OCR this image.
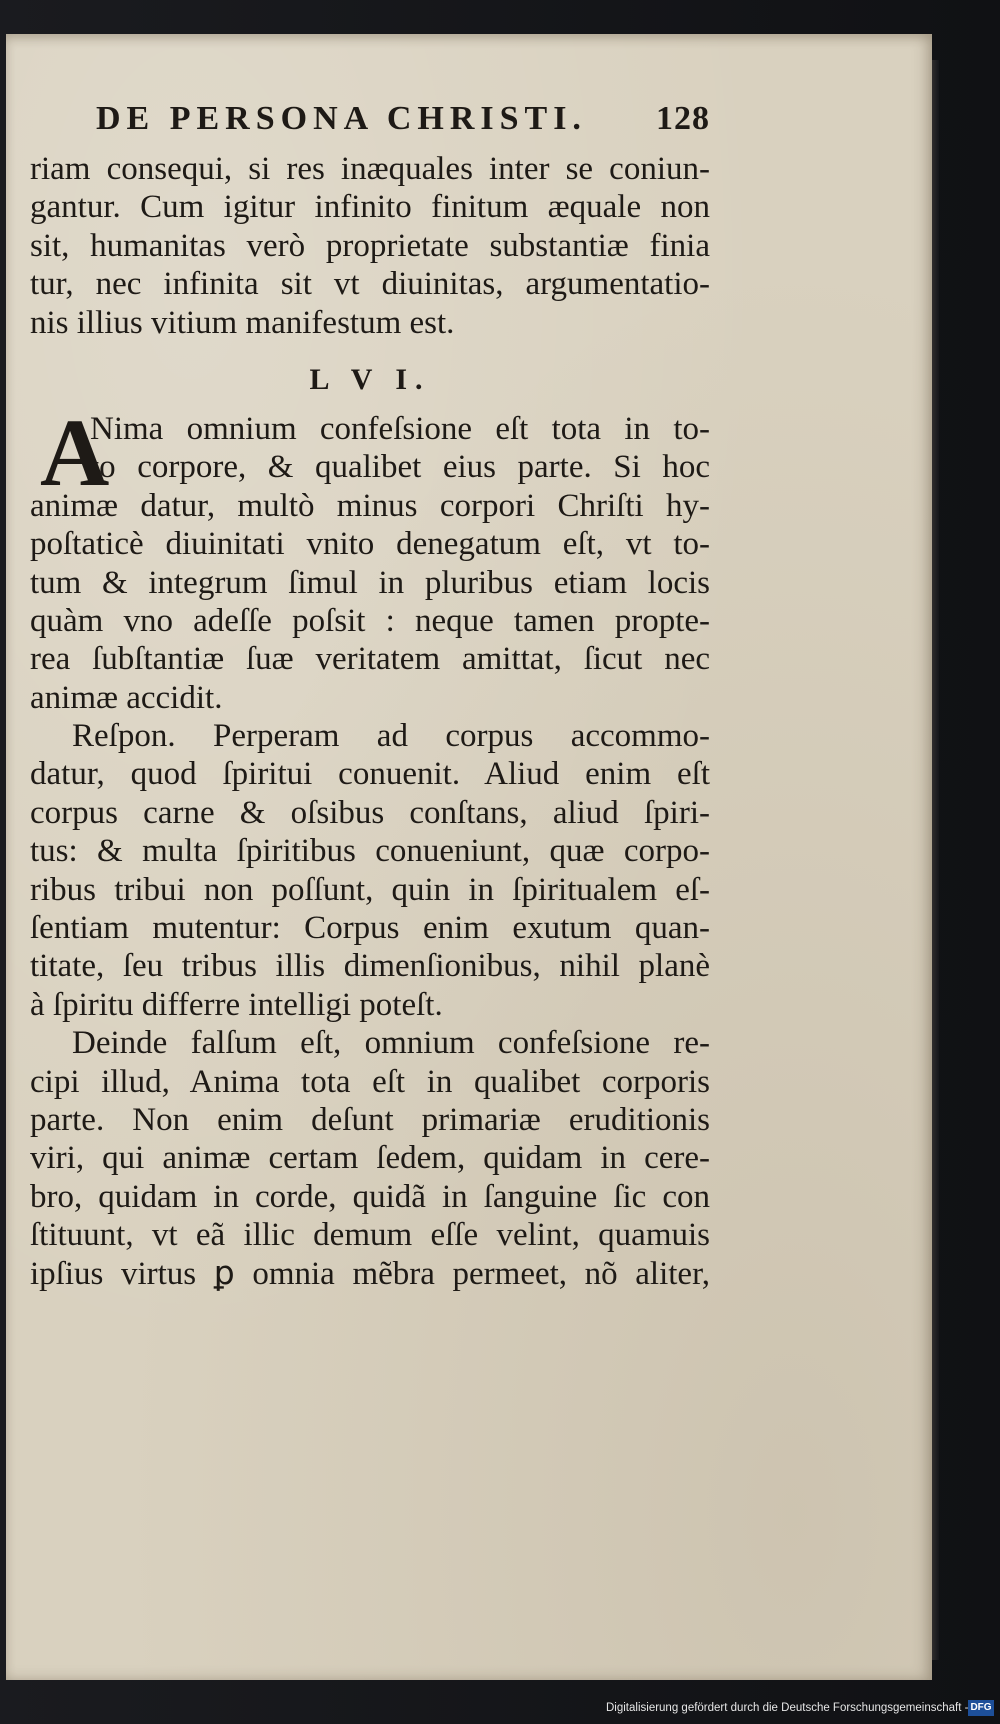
DE PERSONA CHRISTI. 128
riam consequi, si res inæquales inter se coniun-
gantur. Cum igitur infinito finitum æquale non
sit, humanitas verò proprietate substantiæ finia
tur, nec infinita sit vt diuinitas, argumentatio-
nis illius vitium manifestum est.
L V I.
A
Nima omnium confeſsione eſt tota in to-
to corpore, & qualibet eius parte. Si hoc
animæ datur, multò minus corpori Chriſti hy-
poſtaticè diuinitati vnito denegatum eſt, vt to-
tum & integrum ſimul in pluribus etiam locis
quàm vno adeſſe poſsit : neque tamen propte-
rea ſubſtantiæ ſuæ veritatem amittat, ſicut nec
animæ accidit.
Reſpon. Perperam ad corpus accommo-
datur, quod ſpiritui conuenit. Aliud enim eſt
corpus carne & oſsibus conſtans, aliud ſpiri-
tus: & multa ſpiritibus conueniunt, quæ corpo-
ribus tribui non poſſunt, quin in ſpiritualem eſ-
ſentiam mutentur: Corpus enim exutum quan-
titate, ſeu tribus illis dimenſionibus, nihil planè
à ſpiritu differre intelligi poteſt.
Deinde falſum eſt, omnium confeſsione re-
cipi illud, Anima tota eſt in qualibet corporis
parte. Non enim deſunt primariæ eruditionis
viri, qui animæ certam ſedem, quidam in cere-
bro, quidam in corde, quidã in ſanguine ſic con
ſtituunt, vt eã illic demum eſſe velint, quamuis
ipſius virtus ꝑ omnia mẽbra permeet, nõ aliter,
Digitalisierung gefördert durch die Deutsche Forschungsgemeinschaft - DFG
